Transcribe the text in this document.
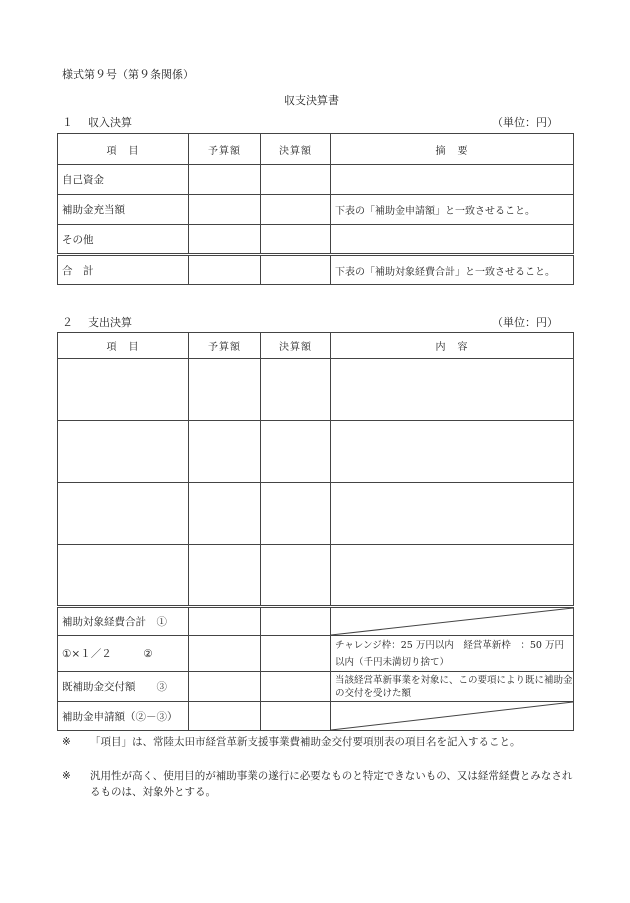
様式第９号（第９条関係）
収支決算書
１ 収入決算	（単位：円）
項　目	予算額	決算額	摘　要
自己資金			
補助金充当額			下表の「補助金申請額」と一致させること。
その他			
合　計			下表の「補助対象経費合計」と一致させること。
２ 支出決算	（単位：円）
項　目	予算額	決算額	内　容

補助対象経費合計　①			

①×１／２　　　②			チャレンジ枠：25 万円以内　経営革新枠　：50 万円以内（千円未満切り捨て）
既補助金交付額　　③			当該経営革新事業を対象に、この要項により既に補助金の交付を受けた額
補助金申請額（②－③）			
※	「項目」は、常陸太田市経営革新支援事業費補助金交付要項別表の項目名を記入すること。
※	汎用性が高く、使用目的が補助事業の遂行に必要なものと特定できないもの、又は経常経費とみなされるものは、対象外とする。
